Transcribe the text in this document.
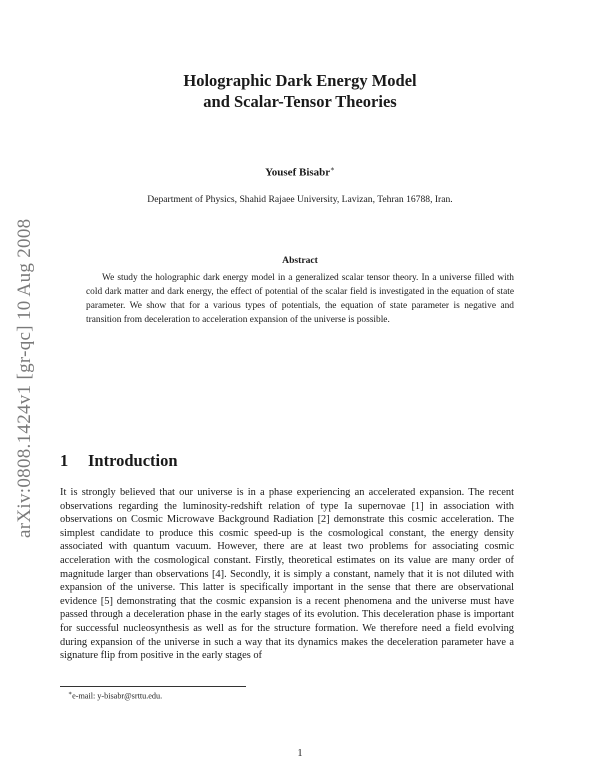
arXiv:0808.1424v1 [gr-qc] 10 Aug 2008
Holographic Dark Energy Model
and Scalar-Tensor Theories
Yousef Bisabr∗
Department of Physics, Shahid Rajaee University, Lavizan, Tehran 16788, Iran.
Abstract
We study the holographic dark energy model in a generalized scalar tensor theory. In a universe filled with cold dark matter and dark energy, the effect of potential of the scalar field is investigated in the equation of state parameter. We show that for a various types of potentials, the equation of state parameter is negative and transition from deceleration to acceleration expansion of the universe is possible.
1 Introduction
It is strongly believed that our universe is in a phase experiencing an accelerated expansion. The recent observations regarding the luminosity-redshift relation of type Ia supernovae [1] in association with observations on Cosmic Microwave Background Radiation [2] demonstrate this cosmic acceleration. The simplest candidate to produce this cosmic speed-up is the cosmological constant, the energy density associated with quantum vacuum. However, there are at least two problems for associating cosmic acceleration with the cosmological constant. Firstly, theoretical estimates on its value are many order of magnitude larger than observations [4]. Secondly, it is simply a constant, namely that it is not diluted with expansion of the universe. This latter is specifically important in the sense that there are observational evidence [5] demonstrating that the cosmic expansion is a recent phenomena and the universe must have passed through a deceleration phase in the early stages of its evolution. This deceleration phase is important for successful nucleosynthesis as well as for the structure formation. We therefore need a field evolving during expansion of the universe in such a way that its dynamics makes the deceleration parameter have a signature flip from positive in the early stages of
∗e-mail: y-bisabr@srttu.edu.
1
